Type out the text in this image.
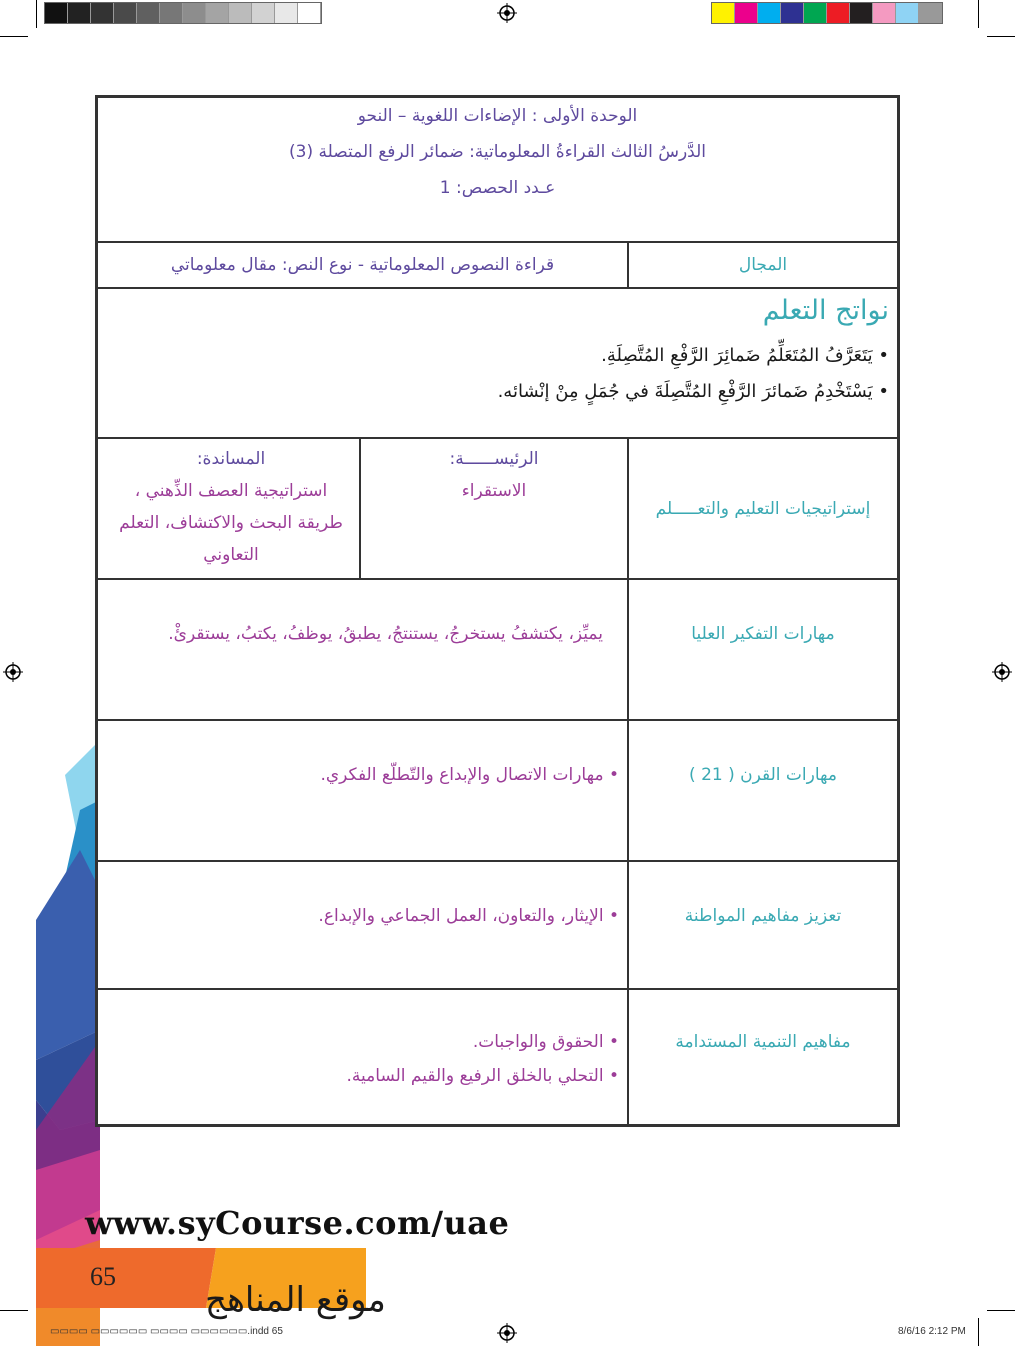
الوحدة الأولى : الإضاءات اللغوية – النحو
الدَّرسُ الثالث القراءةُ المعلوماتية: ضمائر الرفع المتصلة (3)
عـدد الحصص: 1
المجال
قراءة النصوص المعلوماتية - نوع النص: مقال معلوماتي
نواتج التعلم
• يَتَعَرَّفُ المُتَعَلِّمُ ضَمائِرَ الرَّفْعِ المُتَّصِلَةِ.
• يَسْتَخْدِمُ ضَمائرَ الرَّفْعِ المُتَّصِلَةَ في جُمَلٍ مِنْ إنْشائه.
إستراتيجيات التعليم والتعـــــلم
الرئيســــــة:
الاستقراء
المساندة:
استراتيجية العصف الذِّهني ،
طريقة البحث والاكتشاف، التعلم
التعاوني
مهارات التفكير العليا
يميِّز، يكتشفُ يستخرجُ، يستنتجُ، يطبقُ، يوظفُ، يكتبُ، يستقرئْ.
مهارات القرن ( 21 )
• مهارات الاتصال والإبداع والتّطلّع الفكري.
تعزيز مفاهيم المواطنة
• الإيثار، والتعاون، العمل الجماعي والإبداع.
مفاهيم التنمية المستدامة
• الحقوق والواجبات.
• التحلي بالخلق الرفيع والقيم السامية.
www.syCourse.com/uae
65
موقع المناهج
▭▭▭▭ ▭▭▭▭▭▭ ▭▭▭▭ ▭▭▭▭▭▭.indd 65	8/6/16 2:12 PM
